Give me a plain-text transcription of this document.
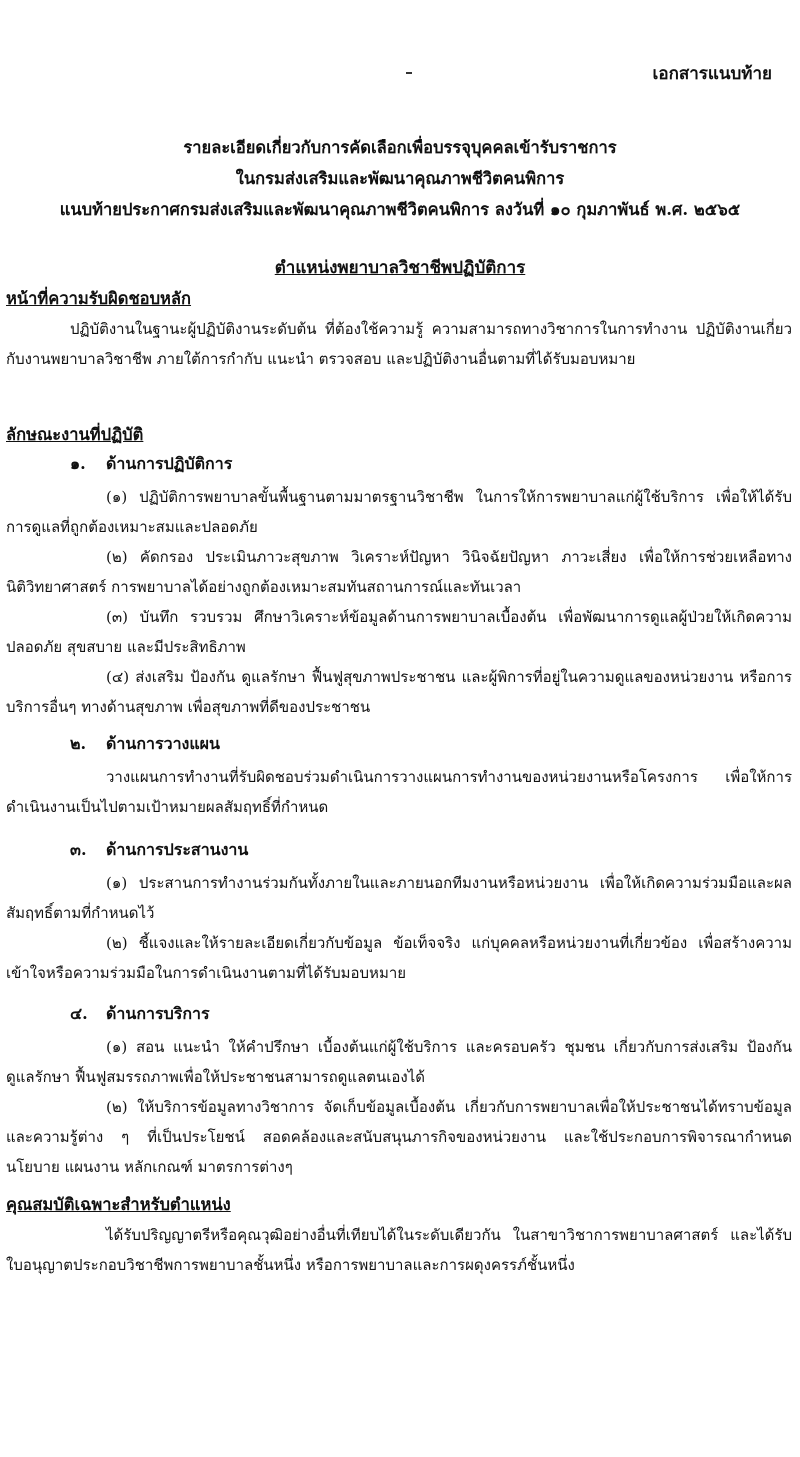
เอกสารแนบท้าย
รายละเอียดเกี่ยวกับการคัดเลือกเพื่อบรรจุบุคคลเข้ารับราชการ
ในกรมส่งเสริมและพัฒนาคุณภาพชีวิตคนพิการ
แนบท้ายประกาศกรมส่งเสริมและพัฒนาคุณภาพชีวิตคนพิการ ลงวันที่ ๑๐ กุมภาพันธ์ พ.ศ. ๒๕๖๕
ตำแหน่งพยาบาลวิชาชีพปฏิบัติการ
หน้าที่ความรับผิดชอบหลัก
ปฏิบัติงานในฐานะผู้ปฏิบัติงานระดับต้น ที่ต้องใช้ความรู้ ความสามารถทางวิชาการในการทำงาน ปฏิบัติงานเกี่ยวกับงานพยาบาลวิชาชีพ ภายใต้การกำกับ แนะนำ ตรวจสอบ และปฏิบัติงานอื่นตามที่ได้รับมอบหมาย
ลักษณะงานที่ปฏิบัติ
๑. ด้านการปฏิบัติการ
(๑) ปฏิบัติการพยาบาลขั้นพื้นฐานตามมาตรฐานวิชาชีพ ในการให้การพยาบาลแก่ผู้ใช้บริการ เพื่อให้ได้รับการดูแลที่ถูกต้องเหมาะสมและปลอดภัย
(๒) คัดกรอง ประเมินภาวะสุขภาพ วิเคราะห์ปัญหา วินิจฉัยปัญหา ภาวะเสี่ยง เพื่อให้การช่วยเหลือทางนิติวิทยาศาสตร์ การพยาบาลได้อย่างถูกต้องเหมาะสมทันสถานการณ์และทันเวลา
(๓) บันทึก รวบรวม ศึกษาวิเคราะห์ข้อมูลด้านการพยาบาลเบื้องต้น เพื่อพัฒนาการดูแลผู้ป่วยให้เกิดความปลอดภัย สุขสบาย และมีประสิทธิภาพ
(๔) ส่งเสริม ป้องกัน ดูแลรักษา ฟื้นฟูสุขภาพประชาชน และผู้พิการที่อยู่ในความดูแลของหน่วยงาน หรือการบริการอื่นๆ ทางด้านสุขภาพ เพื่อสุขภาพที่ดีของประชาชน
๒. ด้านการวางแผน
วางแผนการทำงานที่รับผิดชอบร่วมดำเนินการวางแผนการทำงานของหน่วยงานหรือโครงการ เพื่อให้การดำเนินงานเป็นไปตามเป้าหมายผลสัมฤทธิ์ที่กำหนด
๓. ด้านการประสานงาน
(๑) ประสานการทำงานร่วมกันทั้งภายในและภายนอกทีมงานหรือหน่วยงาน เพื่อให้เกิดความร่วมมือและผลสัมฤทธิ์ตามที่กำหนดไว้
(๒) ชี้แจงและให้รายละเอียดเกี่ยวกับข้อมูล ข้อเท็จจริง แก่บุคคลหรือหน่วยงานที่เกี่ยวข้อง เพื่อสร้างความเข้าใจหรือความร่วมมือในการดำเนินงานตามที่ได้รับมอบหมาย
๔. ด้านการบริการ
(๑) สอน แนะนำ ให้คำปรึกษา เบื้องต้นแก่ผู้ใช้บริการ และครอบครัว ชุมชน เกี่ยวกับการส่งเสริม ป้องกัน ดูแลรักษา ฟื้นฟูสมรรถภาพเพื่อให้ประชาชนสามารถดูแลตนเองได้
(๒) ให้บริการข้อมูลทางวิชาการ จัดเก็บข้อมูลเบื้องต้น เกี่ยวกับการพยาบาลเพื่อให้ประชาชนได้ทราบข้อมูลและความรู้ต่าง ๆ ที่เป็นประโยชน์ สอดคล้องและสนับสนุนภารกิจของหน่วยงาน และใช้ประกอบการพิจารณากำหนดนโยบาย แผนงาน หลักเกณฑ์ มาตรการต่างๆ
คุณสมบัติเฉพาะสำหรับตำแหน่ง
ได้รับปริญญาตรีหรือคุณวุฒิอย่างอื่นที่เทียบได้ในระดับเดียวกัน ในสาขาวิชาการพยาบาลศาสตร์ และได้รับใบอนุญาตประกอบวิชาชีพการพยาบาลชั้นหนึ่ง หรือการพยาบาลและการผดุงครรภ์ชั้นหนึ่ง
